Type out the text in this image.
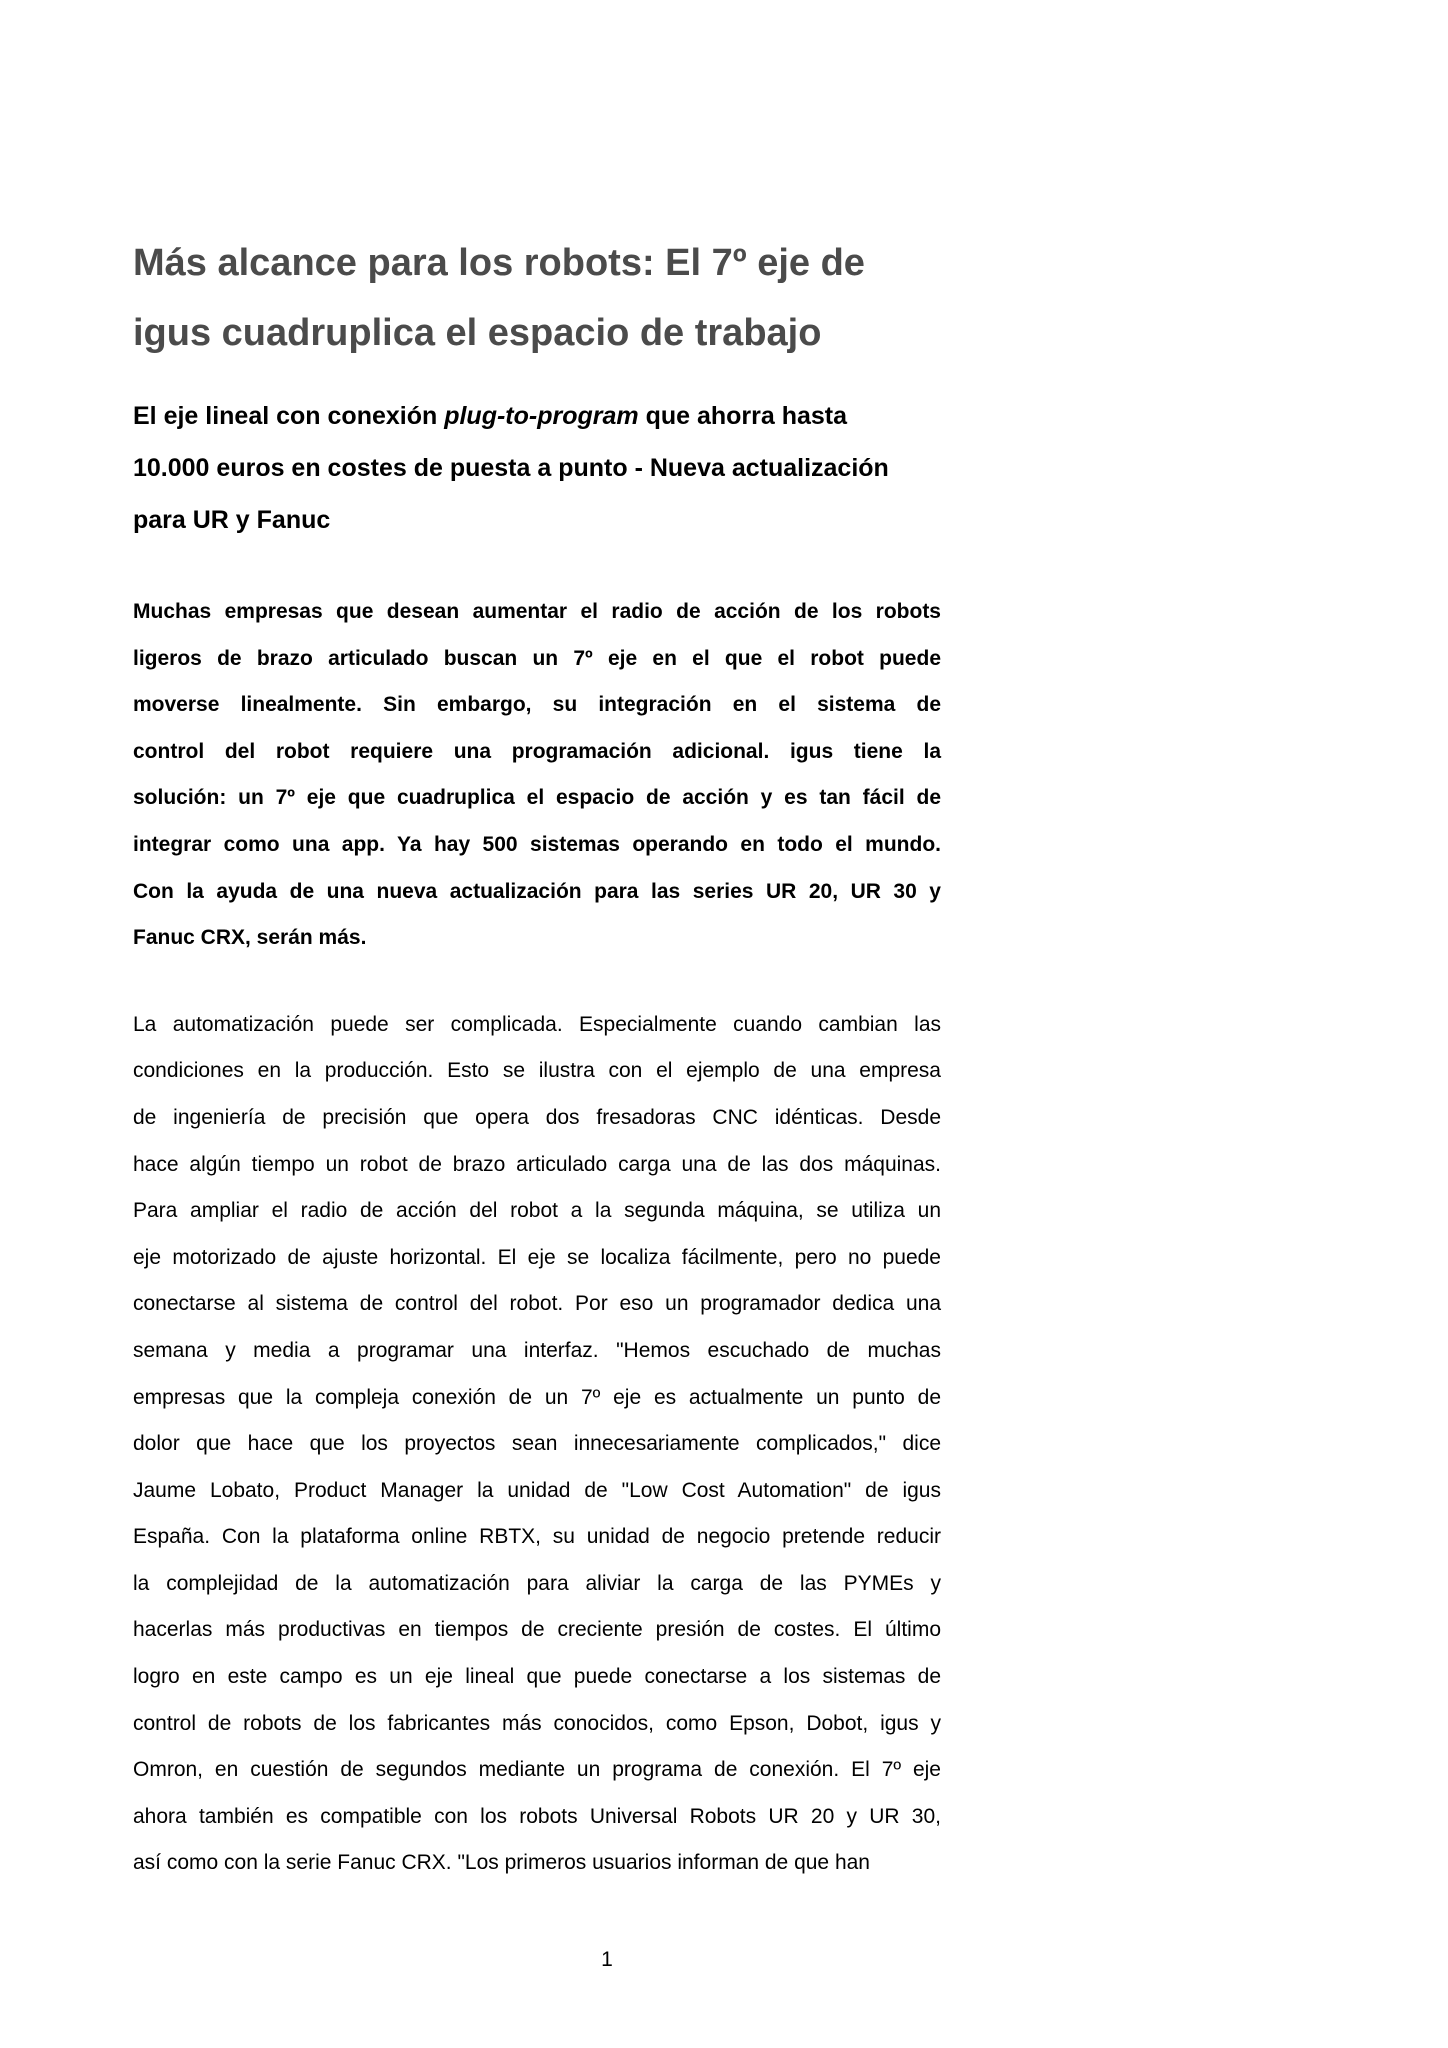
Más alcance para los robots: El 7º eje de
igus cuadruplica el espacio de trabajo
El eje lineal con conexión plug-to-program que ahorra hasta
10.000 euros en costes de puesta a punto - Nueva actualización
para UR y Fanuc
Muchas empresas que desean aumentar el radio de acción de los robots
ligeros de brazo articulado buscan un 7º eje en el que el robot puede
moverse linealmente. Sin embargo, su integración en el sistema de
control del robot requiere una programación adicional. igus tiene la
solución: un 7º eje que cuadruplica el espacio de acción y es tan fácil de
integrar como una app. Ya hay 500 sistemas operando en todo el mundo.
Con la ayuda de una nueva actualización para las series UR 20, UR 30 y
Fanuc CRX, serán más.
La automatización puede ser complicada. Especialmente cuando cambian las
condiciones en la producción. Esto se ilustra con el ejemplo de una empresa
de ingeniería de precisión que opera dos fresadoras CNC idénticas. Desde
hace algún tiempo un robot de brazo articulado carga una de las dos máquinas.
Para ampliar el radio de acción del robot a la segunda máquina, se utiliza un
eje motorizado de ajuste horizontal. El eje se localiza fácilmente, pero no puede
conectarse al sistema de control del robot. Por eso un programador dedica una
semana y media a programar una interfaz. "Hemos escuchado de muchas
empresas que la compleja conexión de un 7º eje es actualmente un punto de
dolor que hace que los proyectos sean innecesariamente complicados," dice
Jaume Lobato, Product Manager la unidad de "Low Cost Automation" de igus
España. Con la plataforma online RBTX, su unidad de negocio pretende reducir
la complejidad de la automatización para aliviar la carga de las PYMEs y
hacerlas más productivas en tiempos de creciente presión de costes. El último
logro en este campo es un eje lineal que puede conectarse a los sistemas de
control de robots de los fabricantes más conocidos, como Epson, Dobot, igus y
Omron, en cuestión de segundos mediante un programa de conexión. El 7º eje
ahora también es compatible con los robots Universal Robots UR 20 y UR 30,
así como con la serie Fanuc CRX. "Los primeros usuarios informan de que han
1
